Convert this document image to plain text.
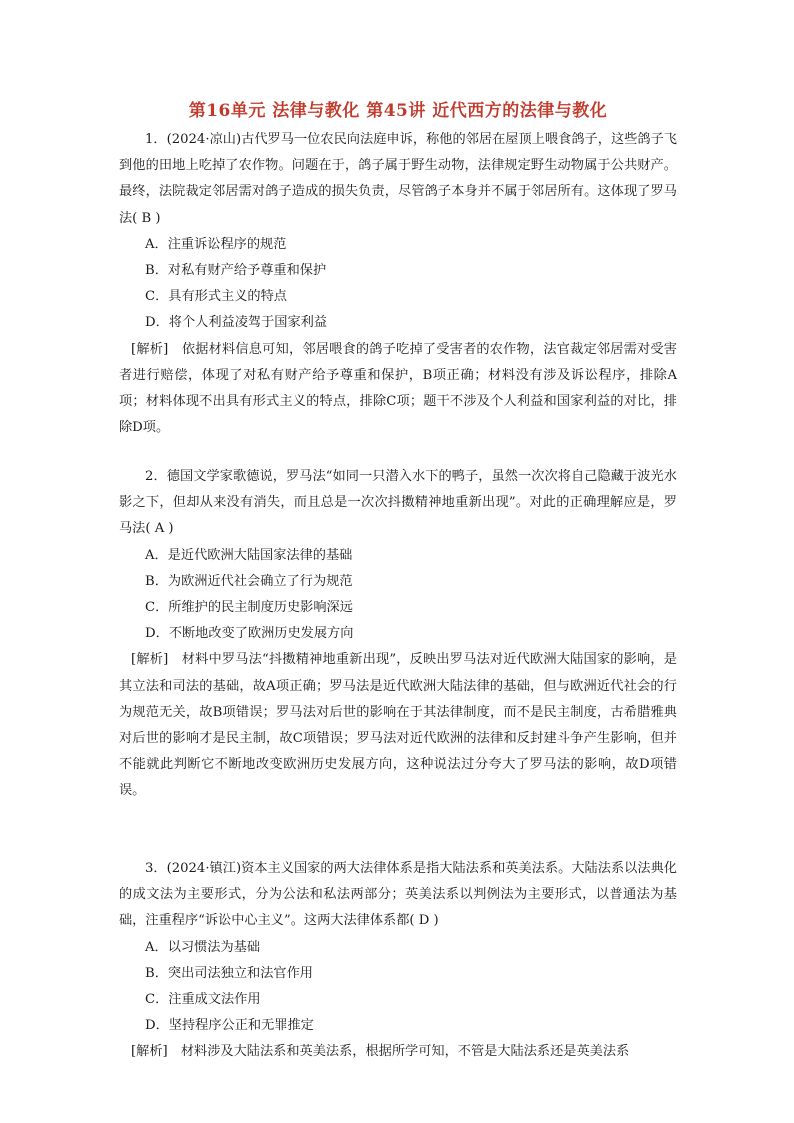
第16单元 法律与教化 第45讲 近代西方的法律与教化

1．(2024·凉山)古代罗马一位农民向法庭申诉，称他的邻居在屋顶上喂食鸽子，这些鸽子飞到他的田地上吃掉了农作物。问题在于，鸽子属于野生动物，法律规定野生动物属于公共财产。最终，法院裁定邻居需对鸽子造成的损失负责，尽管鸽子本身并不属于邻居所有。这体现了罗马法( B )

A．注重诉讼程序的规范

B．对私有财产给予尊重和保护

C．具有形式主义的特点

D．将个人利益凌驾于国家利益

[解析]　依据材料信息可知，邻居喂食的鸽子吃掉了受害者的农作物，法官裁定邻居需对受害者进行赔偿，体现了对私有财产给予尊重和保护，B项正确；材料没有涉及诉讼程序，排除A项；材料体现不出具有形式主义的特点，排除C项；题干不涉及个人利益和国家利益的对比，排除D项。

2．德国文学家歌德说，罗马法“如同一只潜入水下的鸭子，虽然一次次将自己隐藏于波光水影之下，但却从来没有消失，而且总是一次次抖擞精神地重新出现”。对此的正确理解应是，罗马法( A )

A．是近代欧洲大陆国家法律的基础

B．为欧洲近代社会确立了行为规范

C．所维护的民主制度历史影响深远

D．不断地改变了欧洲历史发展方向

[解析]　材料中罗马法“抖擞精神地重新出现”，反映出罗马法对近代欧洲大陆国家的影响，是其立法和司法的基础，故A项正确；罗马法是近代欧洲大陆法律的基础，但与欧洲近代社会的行为规范无关，故B项错误；罗马法对后世的影响在于其法律制度，而不是民主制度，古希腊雅典对后世的影响才是民主制，故C项错误；罗马法对近代欧洲的法律和反封建斗争产生影响，但并不能就此判断它不断地改变欧洲历史发展方向，这种说法过分夸大了罗马法的影响，故D项错误。

3．(2024·镇江)资本主义国家的两大法律体系是指大陆法系和英美法系。大陆法系以法典化的成文法为主要形式，分为公法和私法两部分；英美法系以判例法为主要形式，以普通法为基础，注重程序“诉讼中心主义”。这两大法律体系都( D )

A．以习惯法为基础

B．突出司法独立和法官作用

C．注重成文法作用

D．坚持程序公正和无罪推定

[解析]　材料涉及大陆法系和英美法系，根据所学可知，不管是大陆法系还是英美法系
